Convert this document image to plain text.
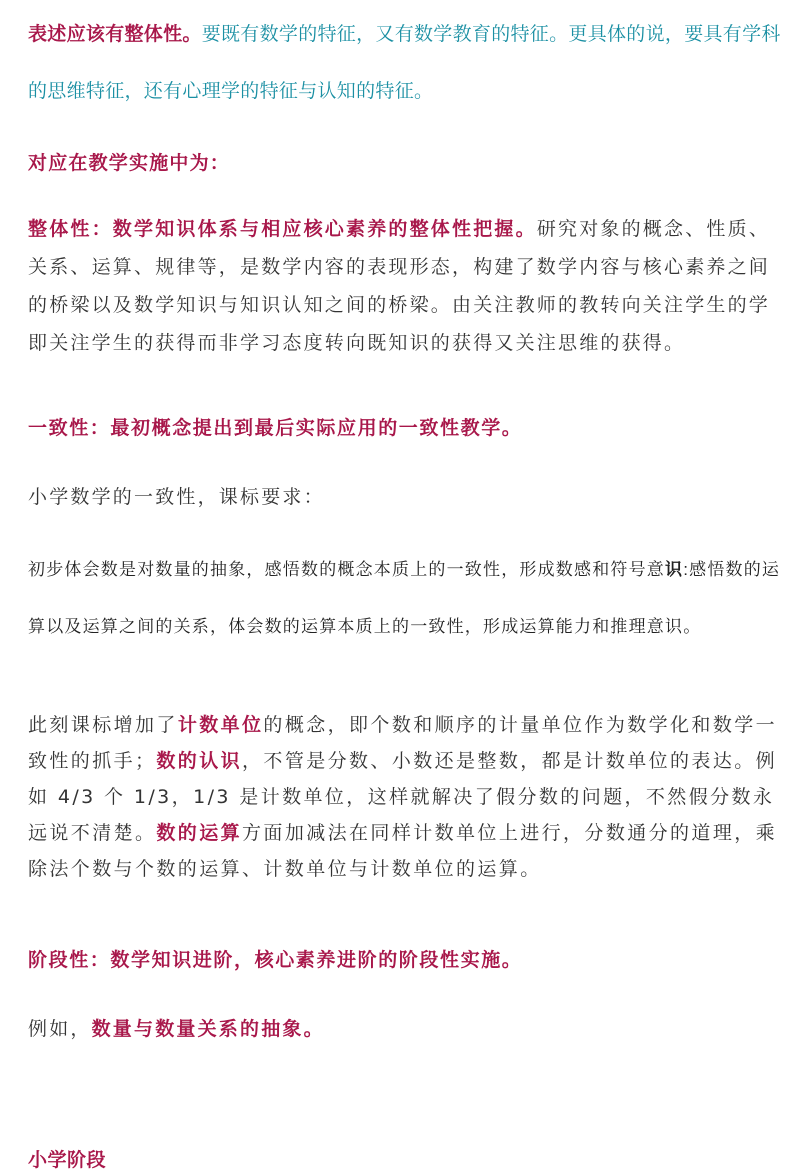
表述应该有整体性。要既有数学的特征，又有数学教育的特征。更具体的说，要具有学科的思维特征，还有心理学的特征与认知的特征。

对应在教学实施中为：

整体性：数学知识体系与相应核心素养的整体性把握。研究对象的概念、性质、关系、运算、规律等，是数学内容的表现形态，构建了数学内容与核心素养之间的桥梁以及数学知识与知识认知之间的桥梁。由关注教师的教转向关注学生的学即关注学生的获得而非学习态度转向既知识的获得又关注思维的获得。

一致性：最初概念提出到最后实际应用的一致性教学。

小学数学的一致性，课标要求：

初步体会数是对数量的抽象，感悟数的概念本质上的一致性，形成数感和符号意识:感悟数的运算以及运算之间的关系，体会数的运算本质上的一致性，形成运算能力和推理意识。

此刻课标增加了计数单位的概念，即个数和顺序的计量单位作为数学化和数学一致性的抓手；数的认识，不管是分数、小数还是整数，都是计数单位的表达。例如 4/3 个 1/3，1/3 是计数单位，这样就解决了假分数的问题，不然假分数永远说不清楚。数的运算方面加减法在同样计数单位上进行，分数通分的道理，乘除法个数与个数的运算、计数单位与计数单位的运算。

阶段性：数学知识进阶，核心素养进阶的阶段性实施。

例如，数量与数量关系的抽象。

小学阶段
